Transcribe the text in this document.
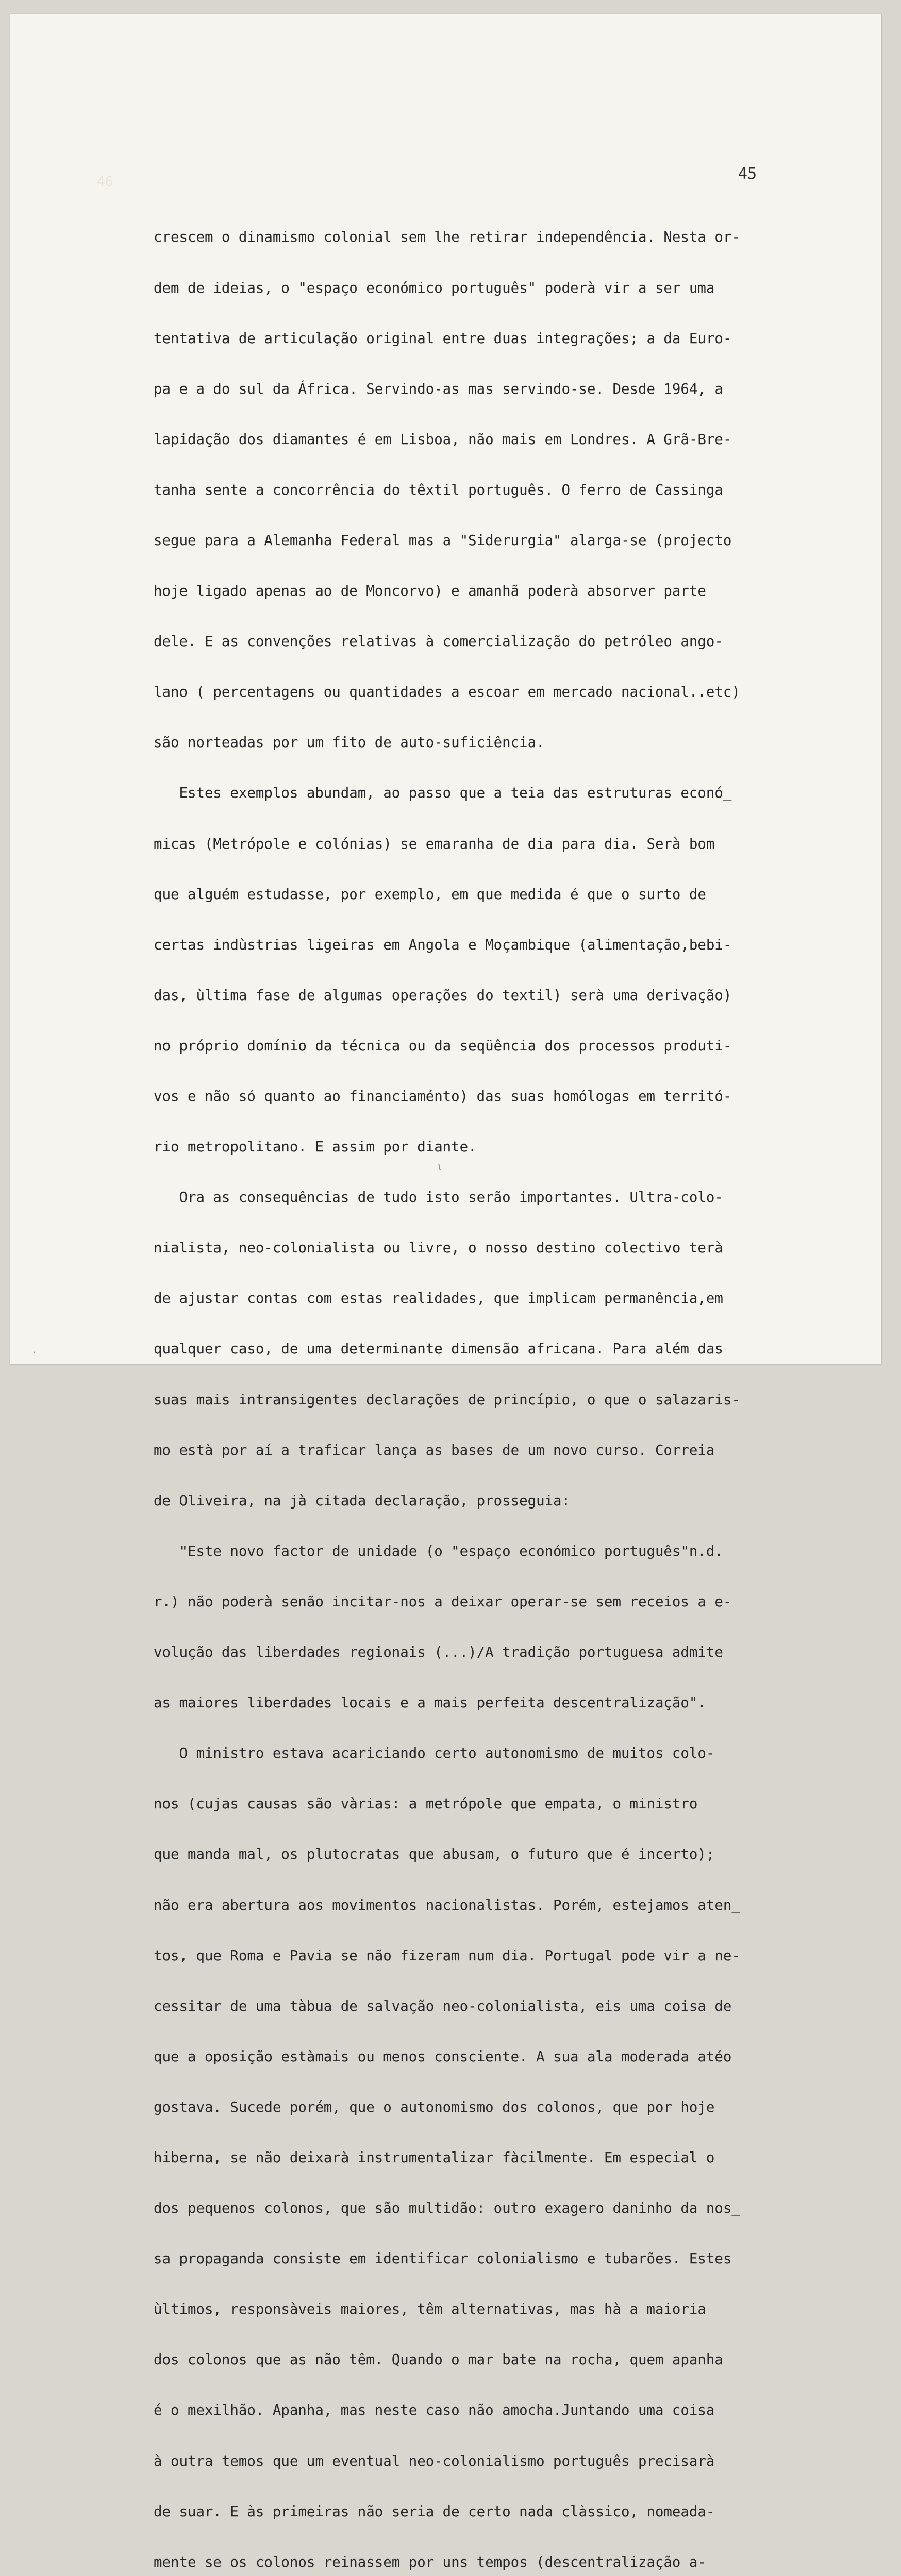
46	45

crescem o dinamismo colonial sem lhe retirar independência. Nesta or-

dem de ideias, o "espaço económico português" poderà vir a ser uma

tentativa de articulação original entre duas integrações; a da Euro-

pa e a do sul da África. Servindo-as mas servindo-se. Desde 1964, a

lapidação dos diamantes é em Lisboa, não mais em Londres. A Grã-Bre-

tanha sente a concorrência do têxtil português. O ferro de Cassinga

segue para a Alemanha Federal mas a "Siderurgia" alarga-se (projecto

hoje ligado apenas ao de Moncorvo) e amanhã poderà absorver parte

dele. E as convenções relativas à comercialização do petróleo ango-

lano ( percentagens ou quantidades a escoar em mercado nacional..etc)

são norteadas por um fito de auto-suficiência.

Estes exemplos abundam, ao passo que a teia das estruturas econó_

micas (Metrópole e colónias) se emaranha de dia para dia. Serà bom

que alguém estudasse, por exemplo, em que medida é que o surto de

certas indùstrias ligeiras em Angola e Moçambique (alimentação,bebi-

das, ùltima fase de algumas operações do textil) serà uma derivação)

no próprio domínio da técnica ou da seqüência dos processos produti-

vos e não só quanto ao financiaménto) das suas homólogas em territó-

rio metropolitano. E assim por diante.

Ora as consequências de tudo isto serão importantes. Ultra-colo-

nialista, neo-colonialista ou livre, o nosso destino colectivo terà

de ajustar contas com estas realidades, que implicam permanência,em

qualquer caso, de uma determinante dimensão africana. Para além das

suas mais intransigentes declarações de princípio, o que o salazaris-

mo està por aí a traficar lança as bases de um novo curso. Correia

de Oliveira, na jà citada declaração, prosseguia:

"Este novo factor de unidade (o "espaço económico português"n.d.

r.) não poderà senão incitar-nos a deixar operar-se sem receios a e-

volução das liberdades regionais (...)/A tradição portuguesa admite

as maiores liberdades locais e a mais perfeita descentralização".

O ministro estava acariciando certo autonomismo de muitos colo-

nos (cujas causas são vàrias: a metrópole que empata, o ministro

que manda mal, os plutocratas que abusam, o futuro que é incerto);

não era abertura aos movimentos nacionalistas. Porém, estejamos aten_

tos, que Roma e Pavia se não fizeram num dia. Portugal pode vir a ne-

cessitar de uma tàbua de salvação neo-colonialista, eis uma coisa de

que a oposição estàmais ou menos consciente. A sua ala moderada atéo

gostava. Sucede porém, que o autonomismo dos colonos, que por hoje

hiberna, se não deixarà instrumentalizar fàcilmente. Em especial o

dos pequenos colonos, que são multidão: outro exagero daninho da nos_

sa propaganda consiste em identificar colonialismo e tubarões. Estes

ùltimos, responsàveis maiores, têm alternativas, mas hà a maioria

dos colonos que as não têm. Quando o mar bate na rocha, quem apanha

é o mexilhão. Apanha, mas neste caso não amocha.Juntando uma coisa

à outra temos que um eventual neo-colonialismo português precisarà

de suar. E às primeiras não seria de certo nada clàssico, nomeada-

mente se os colonos reinassem por uns tempos (descentralização a-

.
ˡ
